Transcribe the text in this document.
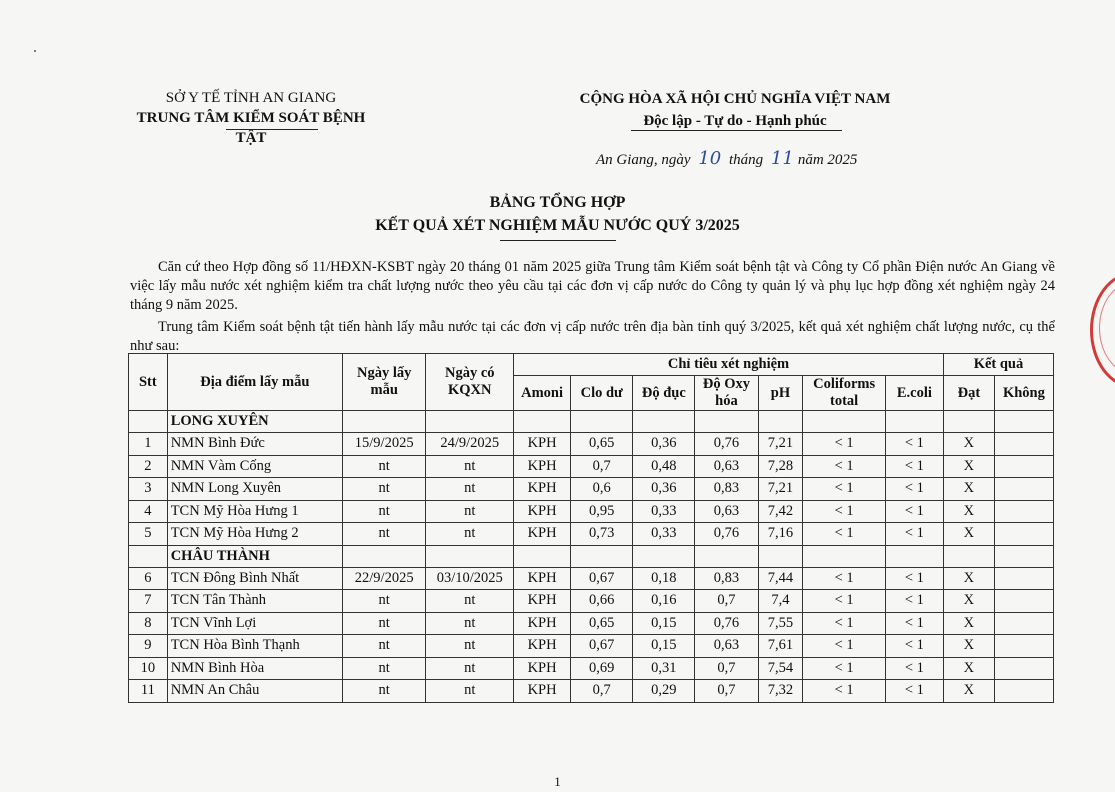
SỞ Y TẾ TỈNH AN GIANG
TRUNG TÂM KIỂM SOÁT BỆNH TẬT
CỘNG HÒA XÃ HỘI CHỦ NGHĨA VIỆT NAM
Độc lập - Tự do - Hạnh phúc
An Giang, ngày 10 tháng 11 năm 2025
BẢNG TỔNG HỢP
KẾT QUẢ XÉT NGHIỆM MẪU NƯỚC QUÝ 3/2025
Căn cứ theo Hợp đồng số 11/HĐXN-KSBT ngày 20 tháng 01 năm 2025 giữa Trung tâm Kiểm soát bệnh tật và Công ty Cổ phần Điện nước An Giang về việc lấy mẫu nước xét nghiệm kiểm tra chất lượng nước theo yêu cầu tại các đơn vị cấp nước do Công ty quản lý và phụ lục hợp đồng xét nghiệm ngày 24 tháng 9 năm 2025.
Trung tâm Kiểm soát bệnh tật tiến hành lấy mẫu nước tại các đơn vị cấp nước trên địa bàn tỉnh quý 3/2025, kết quả xét nghiệm chất lượng nước, cụ thể như sau:
Stt	Địa điểm lấy mẫu	Ngày lấy mẫu	Ngày có KQXN	Chỉ tiêu xét nghiệm							Kết quả	
				Amoni	Clo dư	Độ đục	Độ Oxy hóa	pH	Coliforms total	E.coli	Đạt	Không
	LONG XUYÊN											
1	NMN Bình Đức	15/9/2025	24/9/2025	KPH	0,65	0,36	0,76	7,21	< 1	< 1	X	
2	NMN Vàm Cống	nt	nt	KPH	0,7	0,48	0,63	7,28	< 1	< 1	X	
3	NMN Long Xuyên	nt	nt	KPH	0,6	0,36	0,83	7,21	< 1	< 1	X	
4	TCN Mỹ Hòa Hưng 1	nt	nt	KPH	0,95	0,33	0,63	7,42	< 1	< 1	X	
5	TCN Mỹ Hòa Hưng 2	nt	nt	KPH	0,73	0,33	0,76	7,16	< 1	< 1	X	
	CHÂU THÀNH											
6	TCN Đông Bình Nhất	22/9/2025	03/10/2025	KPH	0,67	0,18	0,83	7,44	< 1	< 1	X	
7	TCN Tân Thành	nt	nt	KPH	0,66	0,16	0,7	7,4	< 1	< 1	X	
8	TCN Vĩnh Lợi	nt	nt	KPH	0,65	0,15	0,76	7,55	< 1	< 1	X	
9	TCN Hòa Bình Thạnh	nt	nt	KPH	0,67	0,15	0,63	7,61	< 1	< 1	X	
10	NMN Bình Hòa	nt	nt	KPH	0,69	0,31	0,7	7,54	< 1	< 1	X	
11	NMN An Châu	nt	nt	KPH	0,7	0,29	0,7	7,32	< 1	< 1	X	
1
